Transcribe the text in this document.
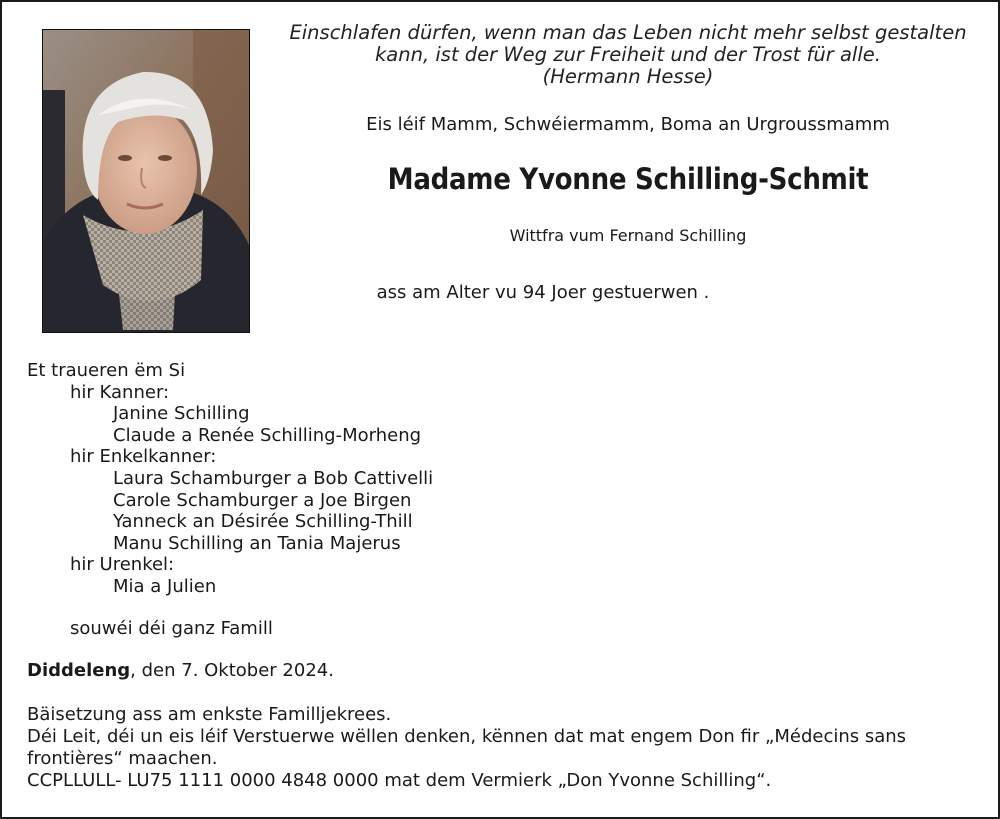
Einschlafen dürfen, wenn man das Leben nicht mehr selbst gestalten
kann, ist der Weg zur Freiheit und der Trost für alle.
(Hermann Hesse)
Eis léif Mamm, Schwéiermamm, Boma an Urgroussmamm
Madame Yvonne Schilling-Schmit
Wittfra vum Fernand Schilling
ass am Alter vu 94 Joer gestuerwen .
Et traueren ëm Si
hir Kanner:
Janine Schilling
Claude a Renée Schilling-Morheng
hir Enkelkanner:
Laura Schamburger a Bob Cattivelli
Carole Schamburger a Joe Birgen
Yanneck an Désirée Schilling-Thill
Manu Schilling an Tania Majerus
hir Urenkel:
Mia a Julien
souwéi déi ganz Famill
Diddeleng, den 7. Oktober 2024.
Bäisetzung ass am enkste Familljekrees.
Déi Leit, déi un eis léif Verstuerwe wëllen denken, kënnen dat mat engem Don fir „Médecins sans
frontières“ maachen.
CCPLLULL- LU75 1111 0000 4848 0000 mat dem Vermierk „Don Yvonne Schilling“.
